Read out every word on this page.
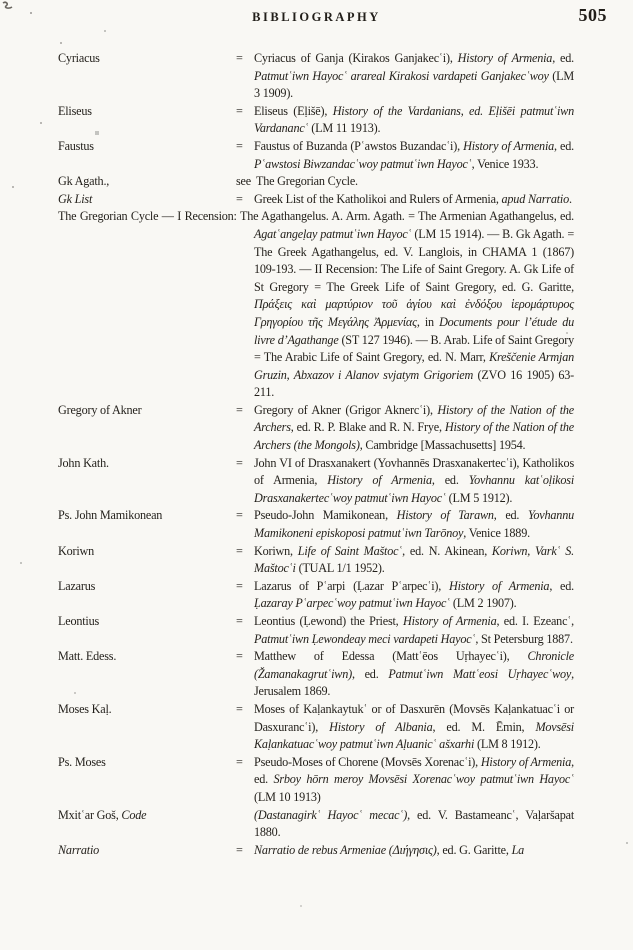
BIBLIOGRAPHY	505

Cyriacus	= Cyriacus of Ganja (Kirakos Ganjakecʿi), History of Armenia, ed. Patmutʿiwn Hayocʿ arareal Kirakosi vardapeti Ganjakecʿwoy (LM 3 1909).

Eliseus	= Eliseus (Eḷišē), History of the Vardanians, ed. Eḷišēi patmutʿiwn Vardanancʿ (LM 11 1913).

Faustus	= Faustus of Buzanda (Pʿawstos Buzandacʿi), History of Armenia, ed. Pʿawstosi Biwzandacʿwoy patmutʿiwn Hayocʿ, Venice 1933.

Gk Agath.,	see The Gregorian Cycle.

Gk List	= Greek List of the Katholikoi and Rulers of Armenia, apud Narratio.

The Gregorian Cycle — I Recension: The Agathangelus. A. Arm. Agath. = The Armenian Agathangelus, ed. Agatʿangeḷay patmutʿiwn Hayocʿ (LM 15 1914). — B. Gk Agath. = The Greek Agathangelus, ed. V. Langlois, in CHAMA 1 (1867) 109-193. — II Recension: The Life of Saint Gregory. A. Gk Life of St Gregory = The Greek Life of Saint Gregory, ed. G. Garitte, Πράξεις καὶ μαρτύριον τοῦ ἁγίου καὶ ἐνδόξου ἱερομάρτυρος Γρηγορίου τῆς Μεγάλης Ἀρμενίας, in Documents pour l’étude du livre d’Agathange (ST 127 1946). — B. Arab. Life of Saint Gregory = The Arabic Life of Saint Gregory, ed. N. Marr, Kreščenie Armjan Gruzin, Abxazov i Alanov svjatym Grigoriem (ZVO 16 1905) 63-211.

Gregory of Akner	= Gregory of Akner (Grigor Aknercʿi), History of the Nation of the Archers, ed. R. P. Blake and R. N. Frye, History of the Nation of the Archers (the Mongols), Cambridge [Massachusetts] 1954.

John Kath.	= John VI of Drasxanakert (Yovhannēs Drasxanakertecʿi), Katholikos of Armenia, History of Armenia, ed. Yovhannu katʿoḷikosi Drasxanakertecʿwoy patmutʿiwn Hayocʿ (LM 5 1912).

Ps. John Mamikonean	= Pseudo-John Mamikonean, History of Tarawn, ed. Yovhannu Mamikoneni episkoposi patmutʿiwn Tarōnoy, Venice 1889.

Koriwn	= Koriwn, Life of Saint Maštocʿ, ed. N. Akinean, Koriwn, Varkʿ S. Maštocʿi (TUAL 1/1 1952).

Lazarus	= Lazarus of Pʿarpi (Ḷazar Pʿarpecʿi), History of Armenia, ed. Ḷazaray Pʿarpecʿwoy patmutʿiwn Hayocʿ (LM 2 1907).

Leontius	= Leontius (Ḷewond) the Priest, History of Armenia, ed. I. Ezeancʿ, Patmutʿiwn Ḷewondeay meci vardapeti Hayocʿ, St Petersburg 1887.

Matt. Edess.	= Matthew of Edessa (Mattʿēos Uṛhayecʿi), Chronicle (Žamanakagrutʿiwn), ed. Patmutʿiwn Mattʿeosi Uṛhayecʿwoy, Jerusalem 1869.

Moses Kaḷ.	= Moses of Kaḷankaytukʿ or of Dasxurēn (Movsēs Kaḷankatuacʿi or Dasxurancʿi), History of Albania, ed. M. Ēmin, Movsēsi Kaḷankatuacʿwoy patmutʿiwn Aḷuanicʿ ašxarhi (LM 8 1912).

Ps. Moses	= Pseudo-Moses of Chorene (Movsēs Xorenacʿi), History of Armenia, ed. Srboy hōrn meroy Movsēsi Xorenacʿwoy patmutʿiwn Hayocʿ (LM 10 1913)

Mxitʿar Goš, Code	(Dastanagirkʿ Hayocʿ mecacʿ), ed. V. Bastameancʿ, Vaḷaršapat 1880.

Narratio	= Narratio de rebus Armeniae (Διήγησις), ed. G. Garitte, La
